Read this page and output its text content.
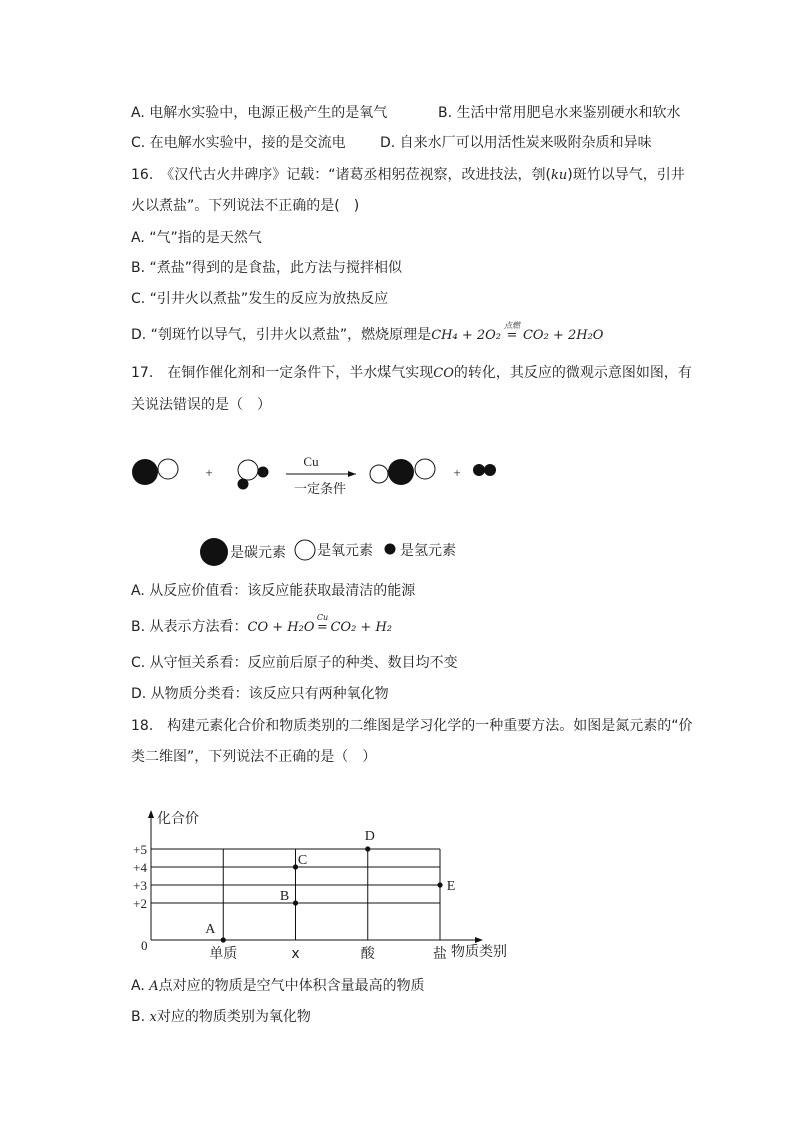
A. 电解水实验中，电源正极产生的是氧气	B. 生活中常用肥皂水来鉴别硬水和软水
C. 在电解水实验中，接的是交流电 D. 自来水厂可以用活性炭来吸附杂质和异味
16.　《汉代古火井碑序》记载：“诸葛丞相躬莅视察，改进技法，刳(ku)斑竹以导气，引井
火以煮盐”。下列说法不正确的是(　)
A. “气”指的是天然气
B. “煮盐”得到的是食盐，此方法与搅拌相似
C. “引井火以煮盐”发生的反应为放热反应
D. “刳斑竹以导气，引井火以煮盐”，燃烧原理是CH₄ + 2O₂
点燃
= CO₂ + 2H₂O
17.　在铜作催化剂和一定条件下，半水煤气实现CO的转化，其反应的微观示意图如图，有
关说法错误的是（　）
+
Cu
一定条件
+
是碳元素 是氧元素 是氢元素
A. 从反应价值看：该反应能获取最清洁的能源
B. 从表示方法看：CO + H₂O
Cu
= CO₂ + H₂
C. 从守恒关系看：反应前后原子的种类、数目均不变
D. 从物质分类看：该反应只有两种氧化物
18.　构建元素化合价和物质类别的二维图是学习化学的一种重要方法。如图是氮元素的“价
类二维图”，下列说法不正确的是（　）
化合价
物质类别
0
+2
+3
+4
+5
单质	x	酸	盐
A
B
C
D
E
A. A点对应的物质是空气中体积含量最高的物质
B. x对应的物质类别为氧化物
